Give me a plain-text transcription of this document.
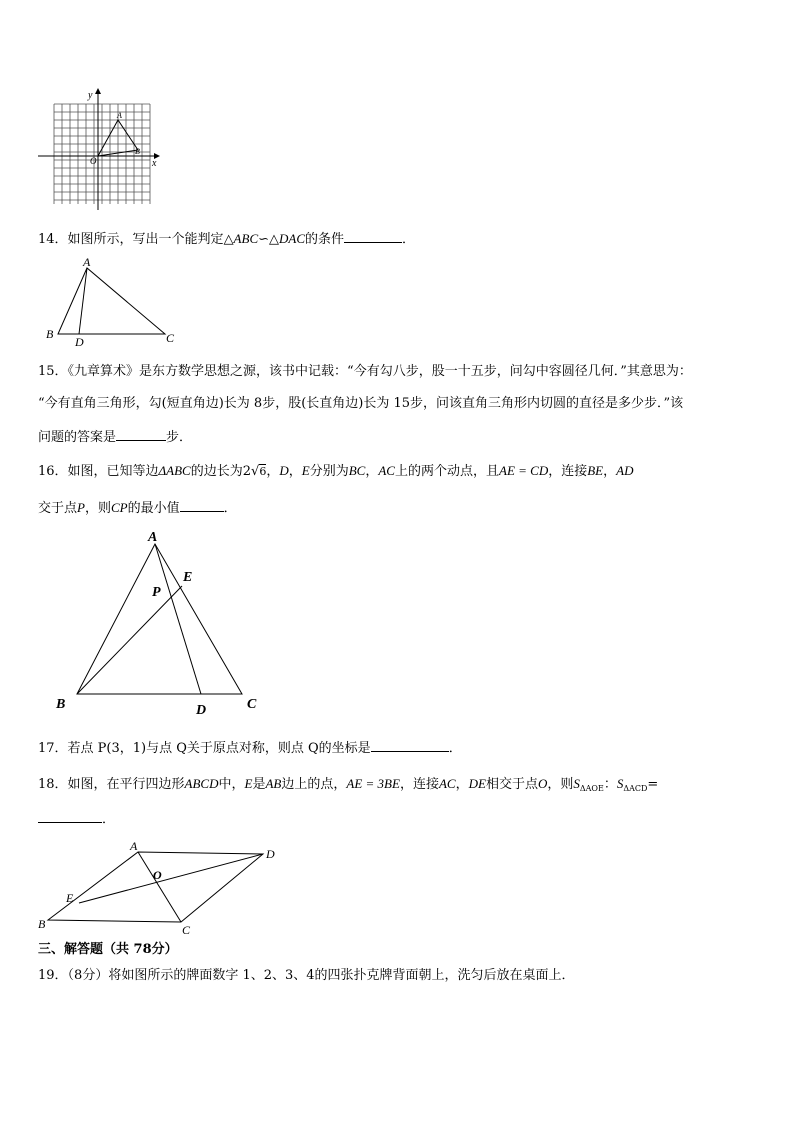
y
x
O
A
B
14．如图所示，写出一个能判定△ABC∽△DAC的条件	．
A
B
D	C
15．《九章算术》是东方数学思想之源，该书中记载：“今有勾八步，股一十五步，问勾中容圆径几何．”其意思为：
“今有直角三角形，勾(短直角边)长为 8步，股(长直角边)长为 15步，问该直角三角形内切圆的直径是多少步．”该
问题的答案是	步．
16．如图，已知等边ΔABC的边长为2√6，D，E分别为BC，AC上的两个动点，且AE = CD，连接BE，AD
交于点P，则CP的最小值	．
A
E
P
B	D	C
17．若点 P(3，1)与点 Q关于原点对称，则点 Q的坐标是	．
18．如图，在平行四边形ABCD中，E是AB边上的点，AE = 3BE，连接AC，DE相交于点O，则$S_{\Delta AOE}$：$S_{\Delta ACD}=$
．
A
D
O
E
B	C
三、解答题（共 78分）
19．（8分）将如图所示的牌面数字 1、2、3、4的四张扑克牌背面朝上，洗匀后放在桌面上．
